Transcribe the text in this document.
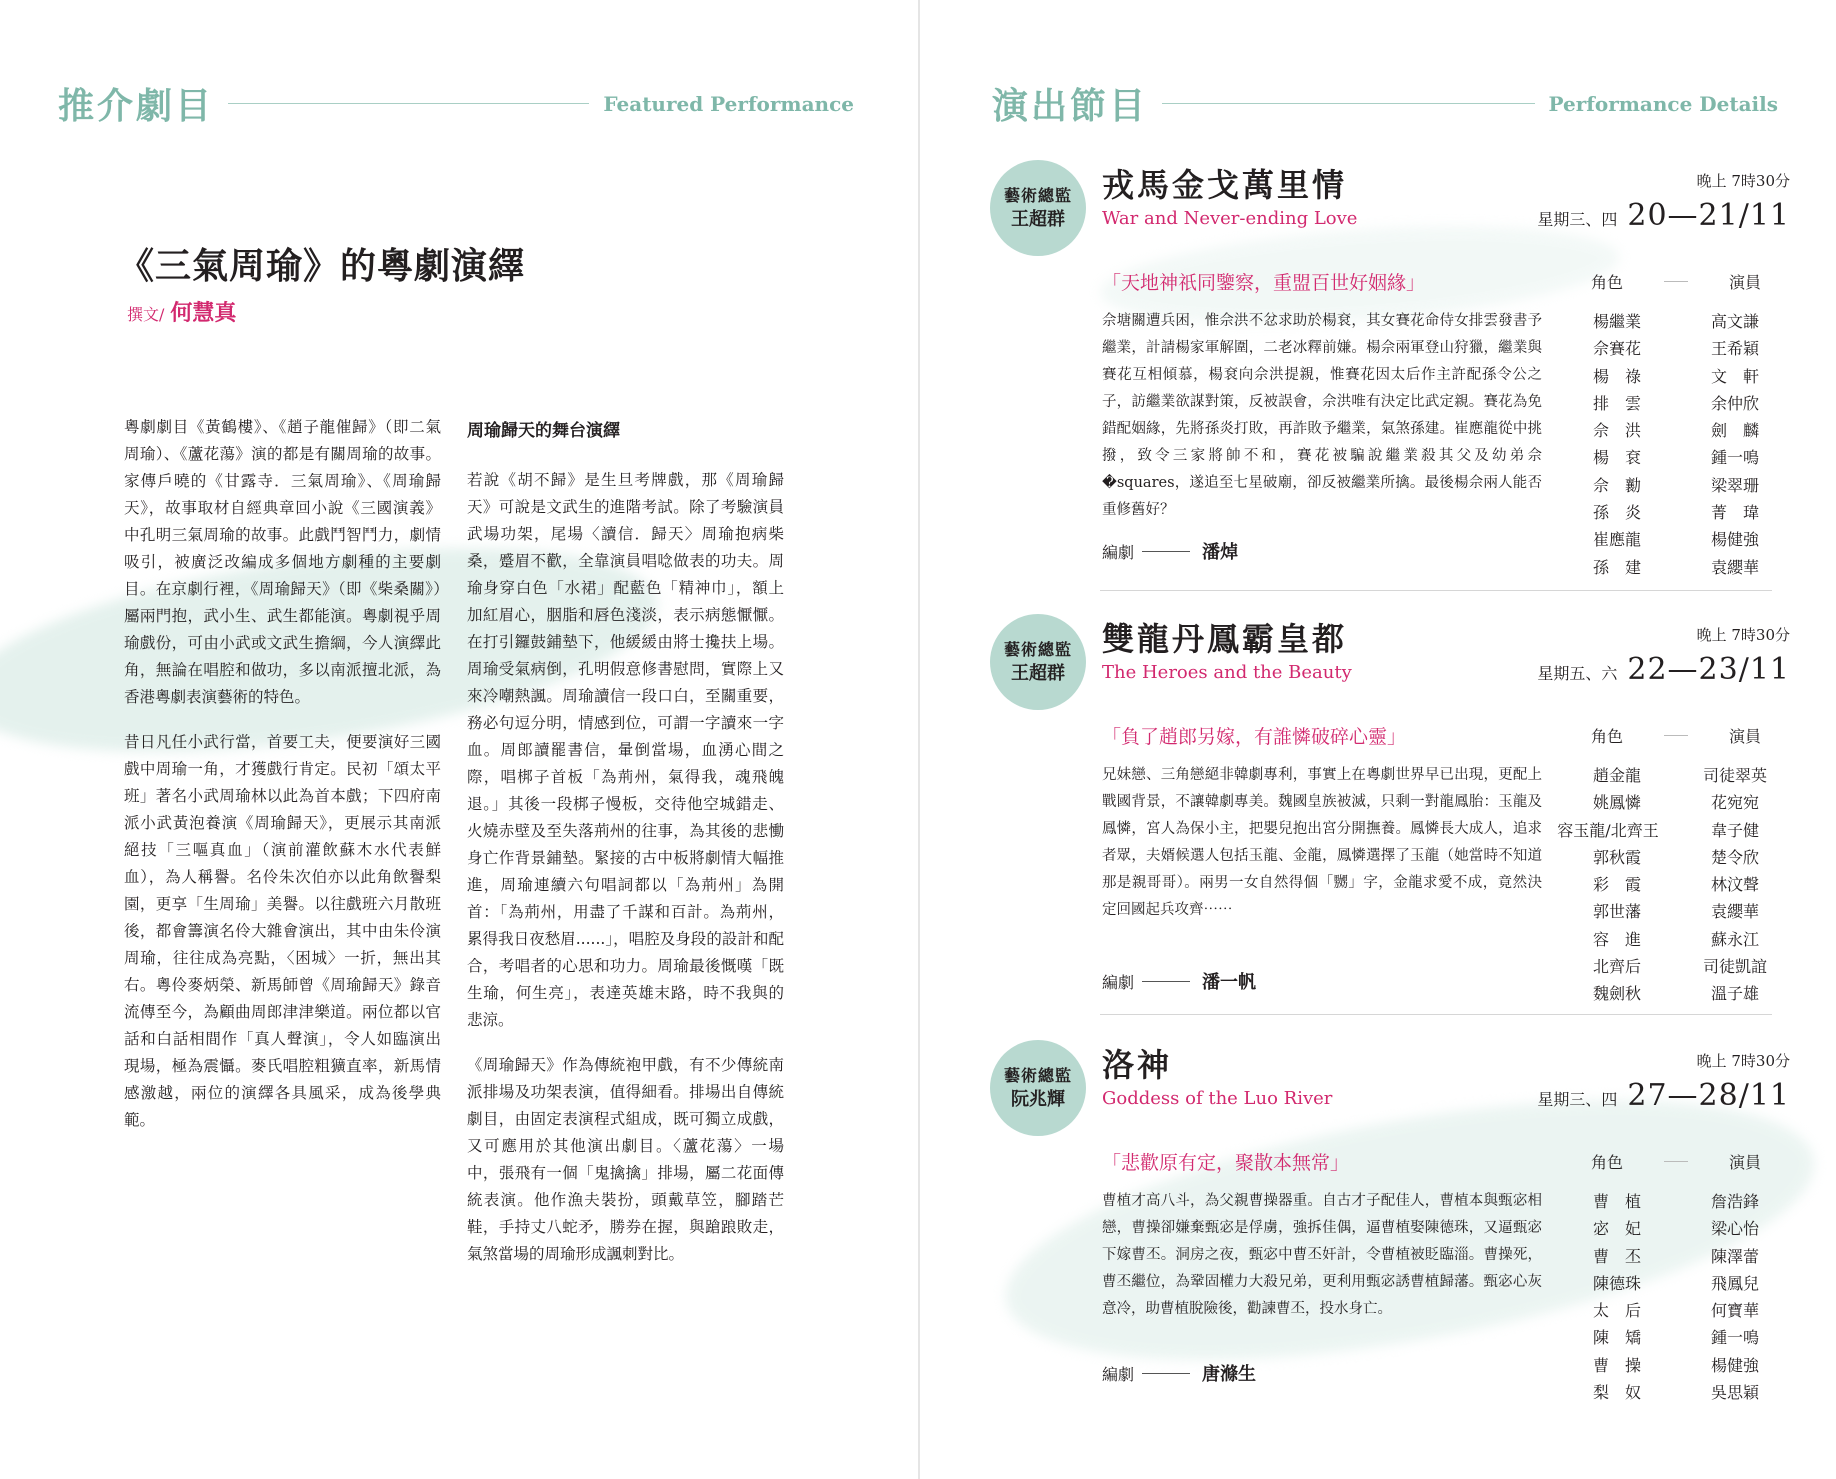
推介劇目	Featured Performance	演出節目	Performance Details
《三氣周瑜》的粵劇演繹
撰文/ 何慧真

粵劇劇目《黃鶴樓》、《趙子龍催歸》（即二氣周瑜）、《蘆花蕩》演的都是有關周瑜的故事。家傳戶曉的《甘露寺．三氣周瑜》、《周瑜歸天》，故事取材自經典章回小說《三國演義》中孔明三氣周瑜的故事。此戲鬥智鬥力，劇情吸引，被廣泛改編成多個地方劇種的主要劇目。在京劇行裡，《周瑜歸天》（即《柴桑關》）屬兩門抱，武小生、武生都能演。粵劇視乎周瑜戲份，可由小武或文武生擔綱，今人演繹此角，無論在唱腔和做功，多以南派擅北派，為香港粵劇表演藝術的特色。

昔日凡任小武行當，首要工夫，便要演好三國戲中周瑜一角，才獲戲行肯定。民初「頌太平班」著名小武周瑜林以此為首本戲；下四府南派小武黃泡養演《周瑜歸天》，更展示其南派絕技「三嘔真血」（演前灌飲蘇木水代表鮮血），為人稱譽。名伶朱次伯亦以此角飲譽梨園，更享「生周瑜」美譽。以往戲班六月散班後，都會籌演名伶大雜會演出，其中由朱伶演周瑜，往往成為亮點，〈困城〉一折，無出其右。粵伶麥炳榮、新馬師曾《周瑜歸天》錄音流傳至今，為顧曲周郎津津樂道。兩位都以官話和白話相間作「真人聲演」，令人如臨演出現場，極為震懾。麥氏唱腔粗獷直率，新馬情感激越，兩位的演繹各具風采，成為後學典範。

周瑜歸天的舞台演繹

若說《胡不歸》是生旦考牌戲，那《周瑜歸天》可說是文武生的進階考試。除了考驗演員武場功架，尾場〈讀信．歸天〉周瑜抱病柴桑，蹙眉不歡，全靠演員唱唸做表的功夫。周瑜身穿白色「水裙」配藍色「精神巾」，額上加紅眉心，胭脂和唇色淺淡，表示病態懨懨。在打引鑼鼓鋪墊下，他緩緩由將士攙扶上場。周瑜受氣病倒，孔明假意修書慰問，實際上又來冷嘲熱諷。周瑜讀信一段口白，至關重要，務必句逗分明，情感到位，可謂一字讀來一字血。周郎讀罷書信，暈倒當場，血湧心間之際，唱梆子首板「為荊州，氣得我，魂飛魄退。」其後一段梆子慢板，交待他空城錯走、火燒赤壁及至失落荊州的往事，為其後的悲慟身亡作背景鋪墊。緊接的古中板將劇情大幅推進，周瑜連續六句唱詞都以「為荊州」為開首：「為荊州，用盡了千謀和百計。為荊州，累得我日夜愁眉......」，唱腔及身段的設計和配合，考唱者的心思和功力。周瑜最後慨嘆「既生瑜，何生亮」，表達英雄末路，時不我與的悲涼。

《周瑜歸天》作為傳統袍甲戲，有不少傳統南派排場及功架表演，值得細看。排場出自傳統劇目，由固定表演程式組成，既可獨立成戲，又可應用於其他演出劇目。〈蘆花蕩〉一場中，張飛有一個「鬼擒擒」排場，屬二花面傳統表演。他作漁夫裝扮，頭戴草笠，腳踏芒鞋，手持丈八蛇矛，勝券在握，與蹌踉敗走，氣煞當場的周瑜形成諷刺對比。

藝術總監
王超群
戎馬金戈萬里情
War and Never-ending Love
晚上 7時30分
星期三、四 20—21/11
「天地神祇同鑒察，重盟百世好姻緣」
佘塘關遭兵困，惟佘洪不忿求助於楊袞，其女賽花命侍女排雲發書予繼業，計請楊家軍解圍，二老冰釋前嫌。楊佘兩軍登山狩獵，繼業與賽花互相傾慕，楊袞向佘洪提親，惟賽花因太后作主許配孫令公之子，訪繼業欲謀對策，反被誤會，佘洪唯有決定比武定親。賽花為免錯配姻緣，先將孫炎打敗，再詐敗予繼業，氣煞孫建。崔應龍從中挑撥，致令三家將帥不和，賽花被騙說繼業殺其父及幼弟佘�squares，遂追至七星破廟，卻反被繼業所擒。最後楊佘兩人能否重修舊好？
編劇	潘焯
角色	演員
楊繼業	高文謙
佘賽花	王希穎
楊　祿	文　軒
排　雲	余仲欣
佘　洪	劍　麟
楊　袞	鍾一鳴
佘　勷	梁翠珊
孫　炎	菁　瑋
崔應龍	楊健強
孫　建	袁纓華
藝術總監
王超群
雙龍丹鳳霸皇都
The Heroes and the Beauty
晚上 7時30分
星期五、六 22—23/11
「負了趙郎另嫁，有誰憐破碎心靈」
兄妹戀、三角戀絕非韓劇專利，事實上在粵劇世界早已出現，更配上戰國背景，不讓韓劇專美。魏國皇族被滅，只剩一對龍鳳胎：玉龍及鳳憐，宮人為保小主，把嬰兒抱出宮分開撫養。鳳憐長大成人，追求者眾，夫婿候選人包括玉龍、金龍，鳳憐選擇了玉龍（她當時不知道那是親哥哥）。兩男一女自然得個「嬲」字，金龍求愛不成，竟然決定回國起兵攻齊⋯⋯
編劇	潘一帆
角色	演員
趙金龍	司徒翠英
姚鳳憐	花宛宛
容玉龍/北齊王	韋子健
郭秋霞	楚令欣
彩　霞	林汶聲
郭世藩	袁纓華
容　進	蘇永江
北齊后	司徒凱誼
魏劍秋	溫子雄
藝術總監
阮兆輝
洛神
Goddess of the Luo River
晚上 7時30分
星期三、四 27—28/11
「悲歡原有定，聚散本無常」
曹植才高八斗，為父親曹操器重。自古才子配佳人，曹植本與甄宓相戀，曹操卻嫌棄甄宓是俘虜，強拆佳偶，逼曹植娶陳德珠，又逼甄宓下嫁曹丕。洞房之夜，甄宓中曹丕奸計，令曹植被貶臨淄。曹操死，曹丕繼位，為鞏固權力大殺兄弟，更利用甄宓誘曹植歸藩。甄宓心灰意冷，助曹植脫險後，勸諫曹丕，投水身亡。
編劇	唐滌生
角色	演員
曹　植	詹浩鋒
宓　妃	梁心怡
曹　丕	陳澤蕾
陳德珠	飛鳳兒
太　后	何寶華
陳　矯	鍾一鳴
曹　操	楊健強
梨　奴	吳思穎
